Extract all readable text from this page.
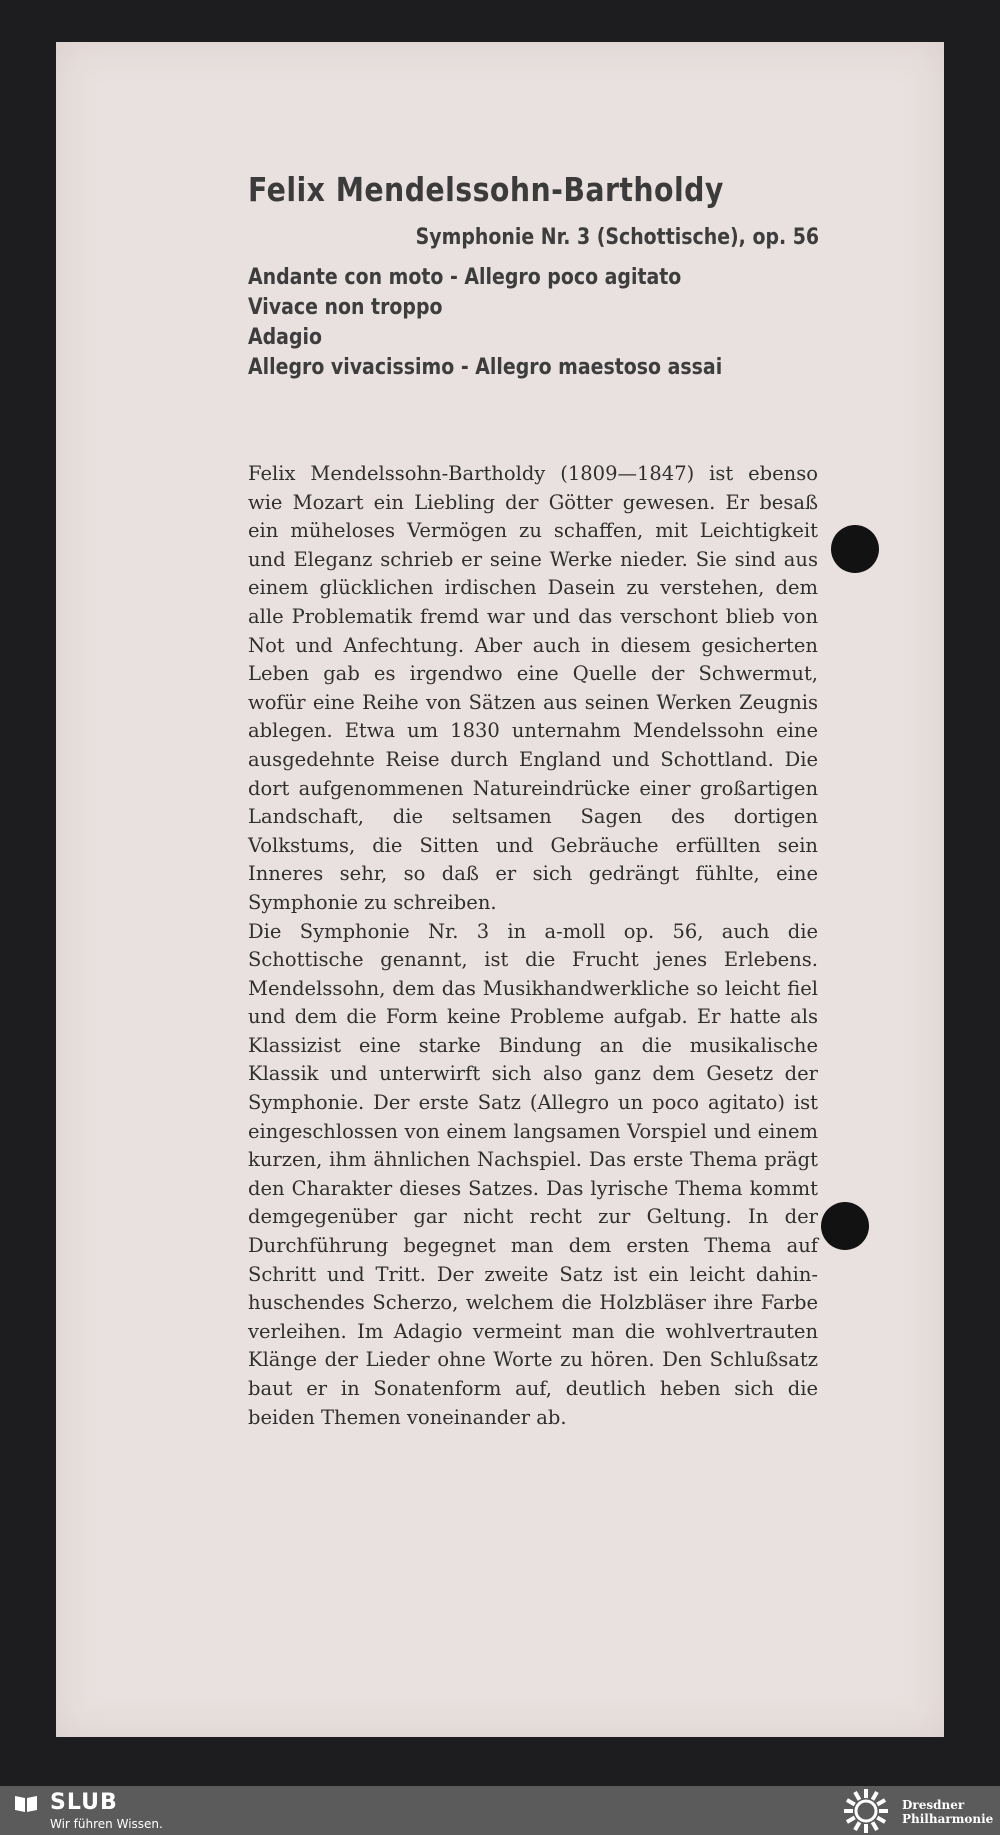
Felix Mendelssohn-Bartholdy
Symphonie Nr. 3 (Schottische), op. 56
Andante con moto - Allegro poco agitato
Vivace non troppo
Adagio
Allegro vivacissimo - Allegro maestoso assai

Felix Mendelssohn-Bartholdy (1809—1847) ist ebenso wie Mozart ein Liebling der Götter gewesen. Er besaß ein müheloses Vermögen zu schaffen, mit Leichtigkeit und Eleganz schrieb er seine Werke nieder. Sie sind aus einem glücklichen irdischen Dasein zu verstehen, dem alle Problematik fremd war und das verschont blieb von Not und Anfechtung. Aber auch in diesem gesicherten Leben gab es irgendwo eine Quelle der Schwermut, wofür eine Reihe von Sätzen aus seinen Werken Zeugnis ablegen. Etwa um 1830 unternahm Mendelssohn eine ausgedehnte Reise durch England und Schottland. Die dort aufgenommenen Natureindrücke einer großartigen Landschaft, die seltsamen Sagen des dortigen Volkstums, die Sitten und Gebräuche erfüllten sein Inneres sehr, so daß er sich gedrängt fühlte, eine Symphonie zu schreiben.

Die Symphonie Nr. 3 in a-moll op. 56, auch die Schottische genannt, ist die Frucht jenes Erlebens. Mendelssohn, dem das Musikhandwerkliche so leicht fiel und dem die Form keine Probleme aufgab. Er hatte als Klassizist eine starke Bindung an die musikalische Klassik und unterwirft sich also ganz dem Gesetz der Symphonie. Der erste Satz (Allegro un poco agitato) ist eingeschlossen von einem langsamen Vorspiel und einem kurzen, ihm ähnlichen Nachspiel. Das erste Thema prägt den Charakter dieses Satzes. Das lyrische Thema kommt demgegenüber gar nicht recht zur Geltung. In der Durchführung begegnet man dem ersten Thema auf Schritt und Tritt. Der zweite Satz ist ein leicht dahinhuschendes Scherzo, welchem die Holzbläser ihre Farbe verleihen. Im Adagio vermeint man die wohlvertrauten Klänge der Lieder ohne Worte zu hören. Den Schlußsatz baut er in Sonatenform auf, deutlich heben sich die beiden Themen voneinander ab.

SLUB
Wir führen Wissen.
Dresdner
Philharmonie
